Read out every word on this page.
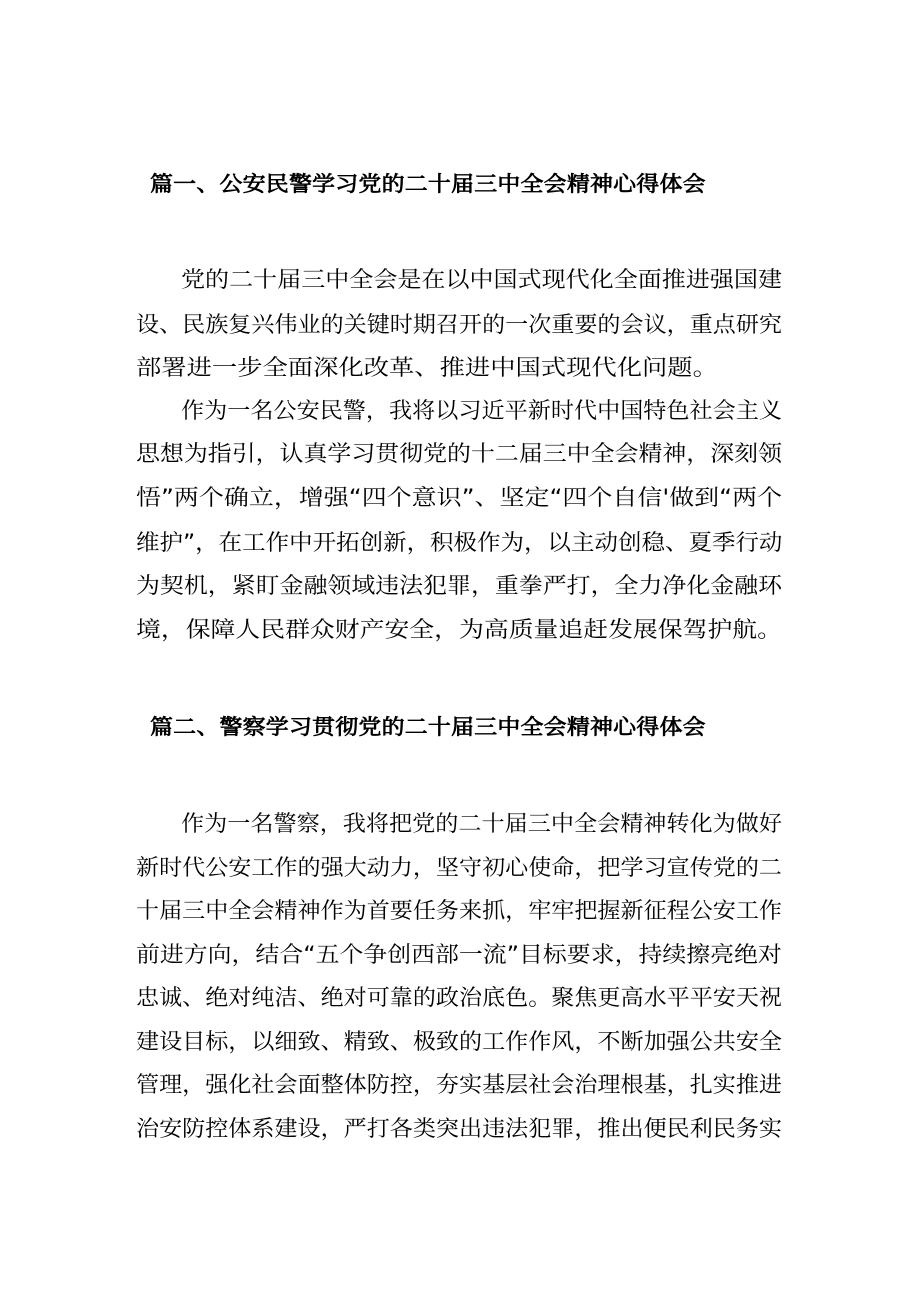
篇一、公安民警学习党的二十届三中全会精神心得体会
党的二十届三中全会是在以中国式现代化全面推进强国建
设、民族复兴伟业的关键时期召开的一次重要的会议，重点研究
部署进一步全面深化改革、推进中国式现代化问题。
作为一名公安民警，我将以习近平新时代中国特色社会主义
思想为指引，认真学习贯彻党的十二届三中全会精神，深刻领
悟”两个确立，增强“四个意识”、坚定“四个自信'做到“两个
维护”，在工作中开拓创新，积极作为，以主动创稳、夏季行动
为契机，紧盯金融领域违法犯罪，重拳严打，全力净化金融环
境，保障人民群众财产安全，为高质量追赶发展保驾护航。
篇二、警察学习贯彻党的二十届三中全会精神心得体会
作为一名警察，我将把党的二十届三中全会精神转化为做好
新时代公安工作的强大动力，坚守初心使命，把学习宣传党的二
十届三中全会精神作为首要任务来抓，牢牢把握新征程公安工作
前进方向，结合“五个争创西部一流”目标要求，持续擦亮绝对
忠诚、绝对纯洁、绝对可靠的政治底色。聚焦更高水平平安天祝
建设目标，以细致、精致、极致的工作作风，不断加强公共安全
管理，强化社会面整体防控，夯实基层社会治理根基，扎实推进
治安防控体系建设，严打各类突出违法犯罪，推出便民利民务实
